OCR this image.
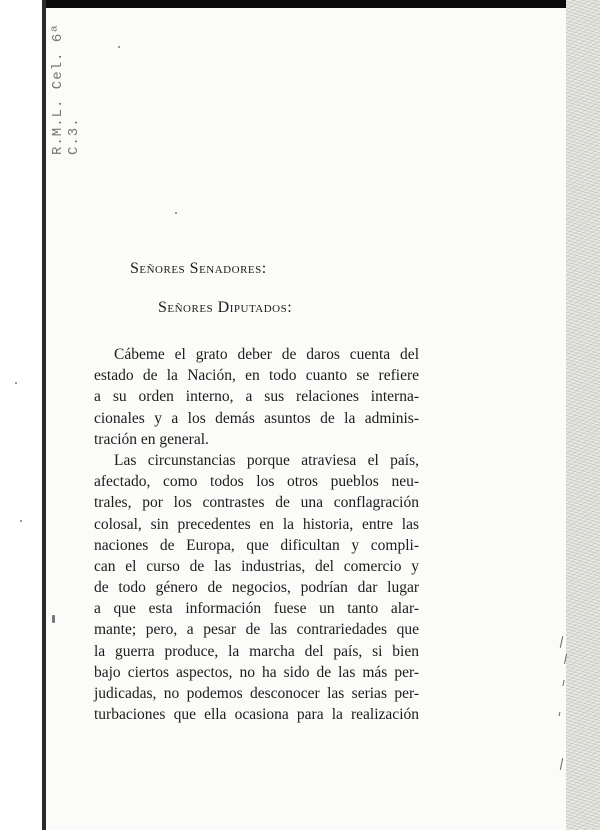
R.M.L. Cel. 6ª C.3.
Señores Senadores:
Señores Diputados:
Cábeme el grato deber de daros cuenta del
estado de la Nación, en todo cuanto se refiere
a su orden interno, a sus relaciones interna-
cionales y a los demás asuntos de la adminis-
tración en general.
Las circunstancias porque atraviesa el país,
afectado, como todos los otros pueblos neu-
trales, por los contrastes de una conflagración
colosal, sin precedentes en la historia, entre las
naciones de Europa, que dificultan y compli-
can el curso de las industrias, del comercio y
de todo género de negocios, podrían dar lugar
a que esta información fuese un tanto alar-
mante; pero, a pesar de las contrariedades que
la guerra produce, la marcha del país, si bien
bajo ciertos aspectos, no ha sido de las más per-
judicadas, no podemos desconocer las serias per-
turbaciones que ella ocasiona para la realización
